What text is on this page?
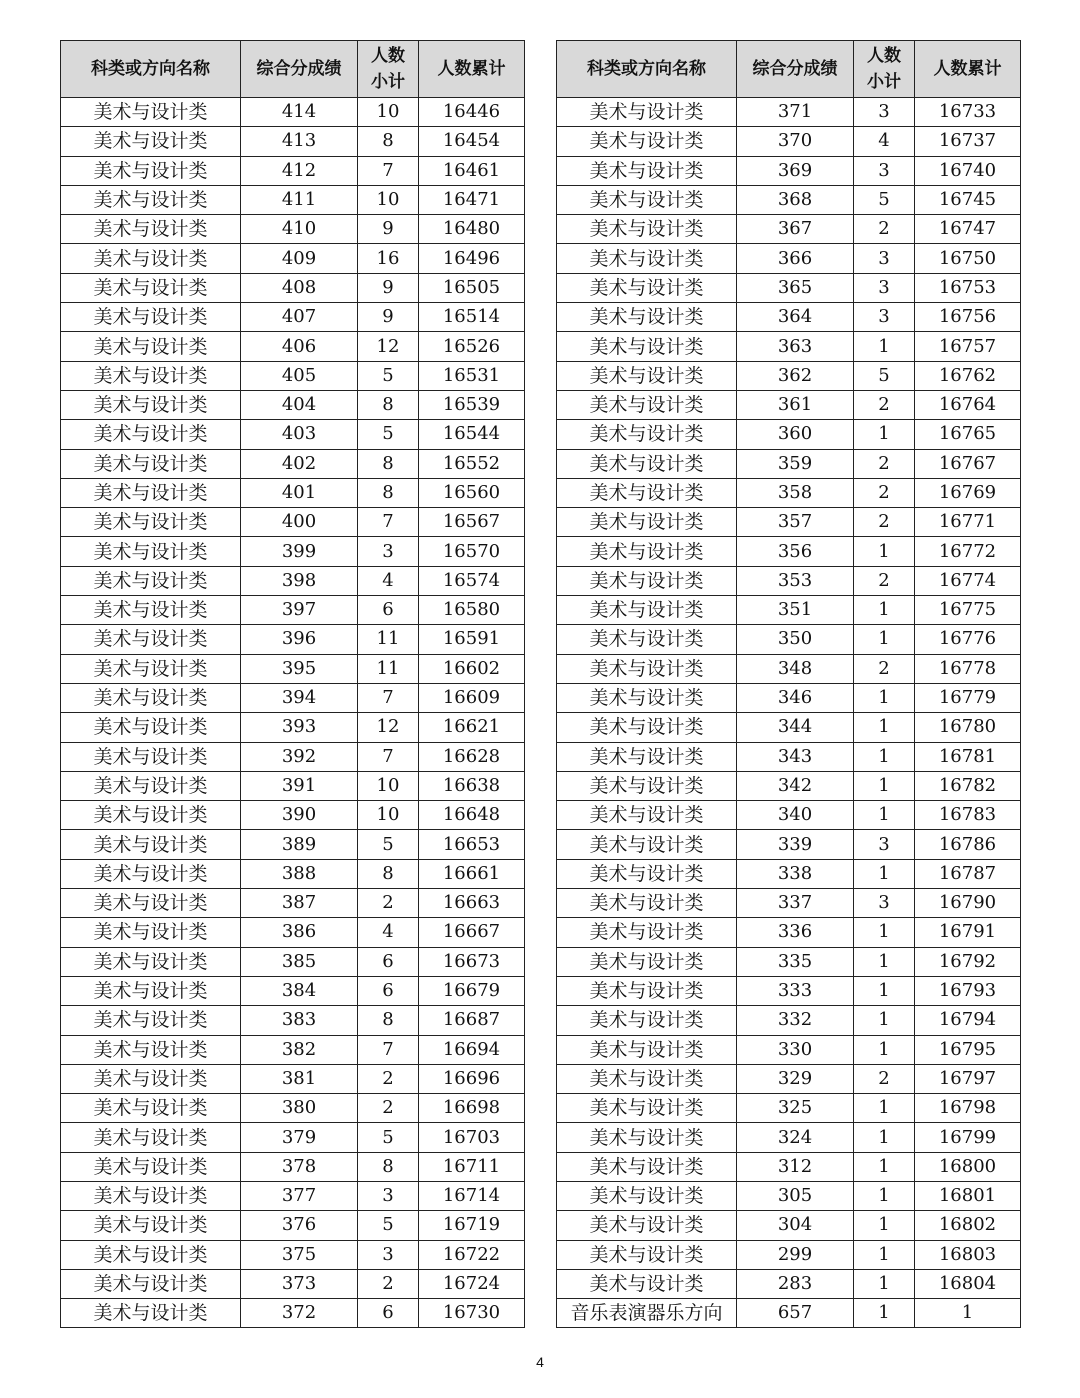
科类或方向名称	综合分成绩	人数
小计	人数累计
美术与设计类	414	10	16446
美术与设计类	413	8	16454
美术与设计类	412	7	16461
美术与设计类	411	10	16471
美术与设计类	410	9	16480
美术与设计类	409	16	16496
美术与设计类	408	9	16505
美术与设计类	407	9	16514
美术与设计类	406	12	16526
美术与设计类	405	5	16531
美术与设计类	404	8	16539
美术与设计类	403	5	16544
美术与设计类	402	8	16552
美术与设计类	401	8	16560
美术与设计类	400	7	16567
美术与设计类	399	3	16570
美术与设计类	398	4	16574
美术与设计类	397	6	16580
美术与设计类	396	11	16591
美术与设计类	395	11	16602
美术与设计类	394	7	16609
美术与设计类	393	12	16621
美术与设计类	392	7	16628
美术与设计类	391	10	16638
美术与设计类	390	10	16648
美术与设计类	389	5	16653
美术与设计类	388	8	16661
美术与设计类	387	2	16663
美术与设计类	386	4	16667
美术与设计类	385	6	16673
美术与设计类	384	6	16679
美术与设计类	383	8	16687
美术与设计类	382	7	16694
美术与设计类	381	2	16696
美术与设计类	380	2	16698
美术与设计类	379	5	16703
美术与设计类	378	8	16711
美术与设计类	377	3	16714
美术与设计类	376	5	16719
美术与设计类	375	3	16722
美术与设计类	373	2	16724
美术与设计类	372	6	16730
科类或方向名称	综合分成绩	人数
小计	人数累计
美术与设计类	371	3	16733
美术与设计类	370	4	16737
美术与设计类	369	3	16740
美术与设计类	368	5	16745
美术与设计类	367	2	16747
美术与设计类	366	3	16750
美术与设计类	365	3	16753
美术与设计类	364	3	16756
美术与设计类	363	1	16757
美术与设计类	362	5	16762
美术与设计类	361	2	16764
美术与设计类	360	1	16765
美术与设计类	359	2	16767
美术与设计类	358	2	16769
美术与设计类	357	2	16771
美术与设计类	356	1	16772
美术与设计类	353	2	16774
美术与设计类	351	1	16775
美术与设计类	350	1	16776
美术与设计类	348	2	16778
美术与设计类	346	1	16779
美术与设计类	344	1	16780
美术与设计类	343	1	16781
美术与设计类	342	1	16782
美术与设计类	340	1	16783
美术与设计类	339	3	16786
美术与设计类	338	1	16787
美术与设计类	337	3	16790
美术与设计类	336	1	16791
美术与设计类	335	1	16792
美术与设计类	333	1	16793
美术与设计类	332	1	16794
美术与设计类	330	1	16795
美术与设计类	329	2	16797
美术与设计类	325	1	16798
美术与设计类	324	1	16799
美术与设计类	312	1	16800
美术与设计类	305	1	16801
美术与设计类	304	1	16802
美术与设计类	299	1	16803
美术与设计类	283	1	16804
音乐表演器乐方向	657	1	1
4
